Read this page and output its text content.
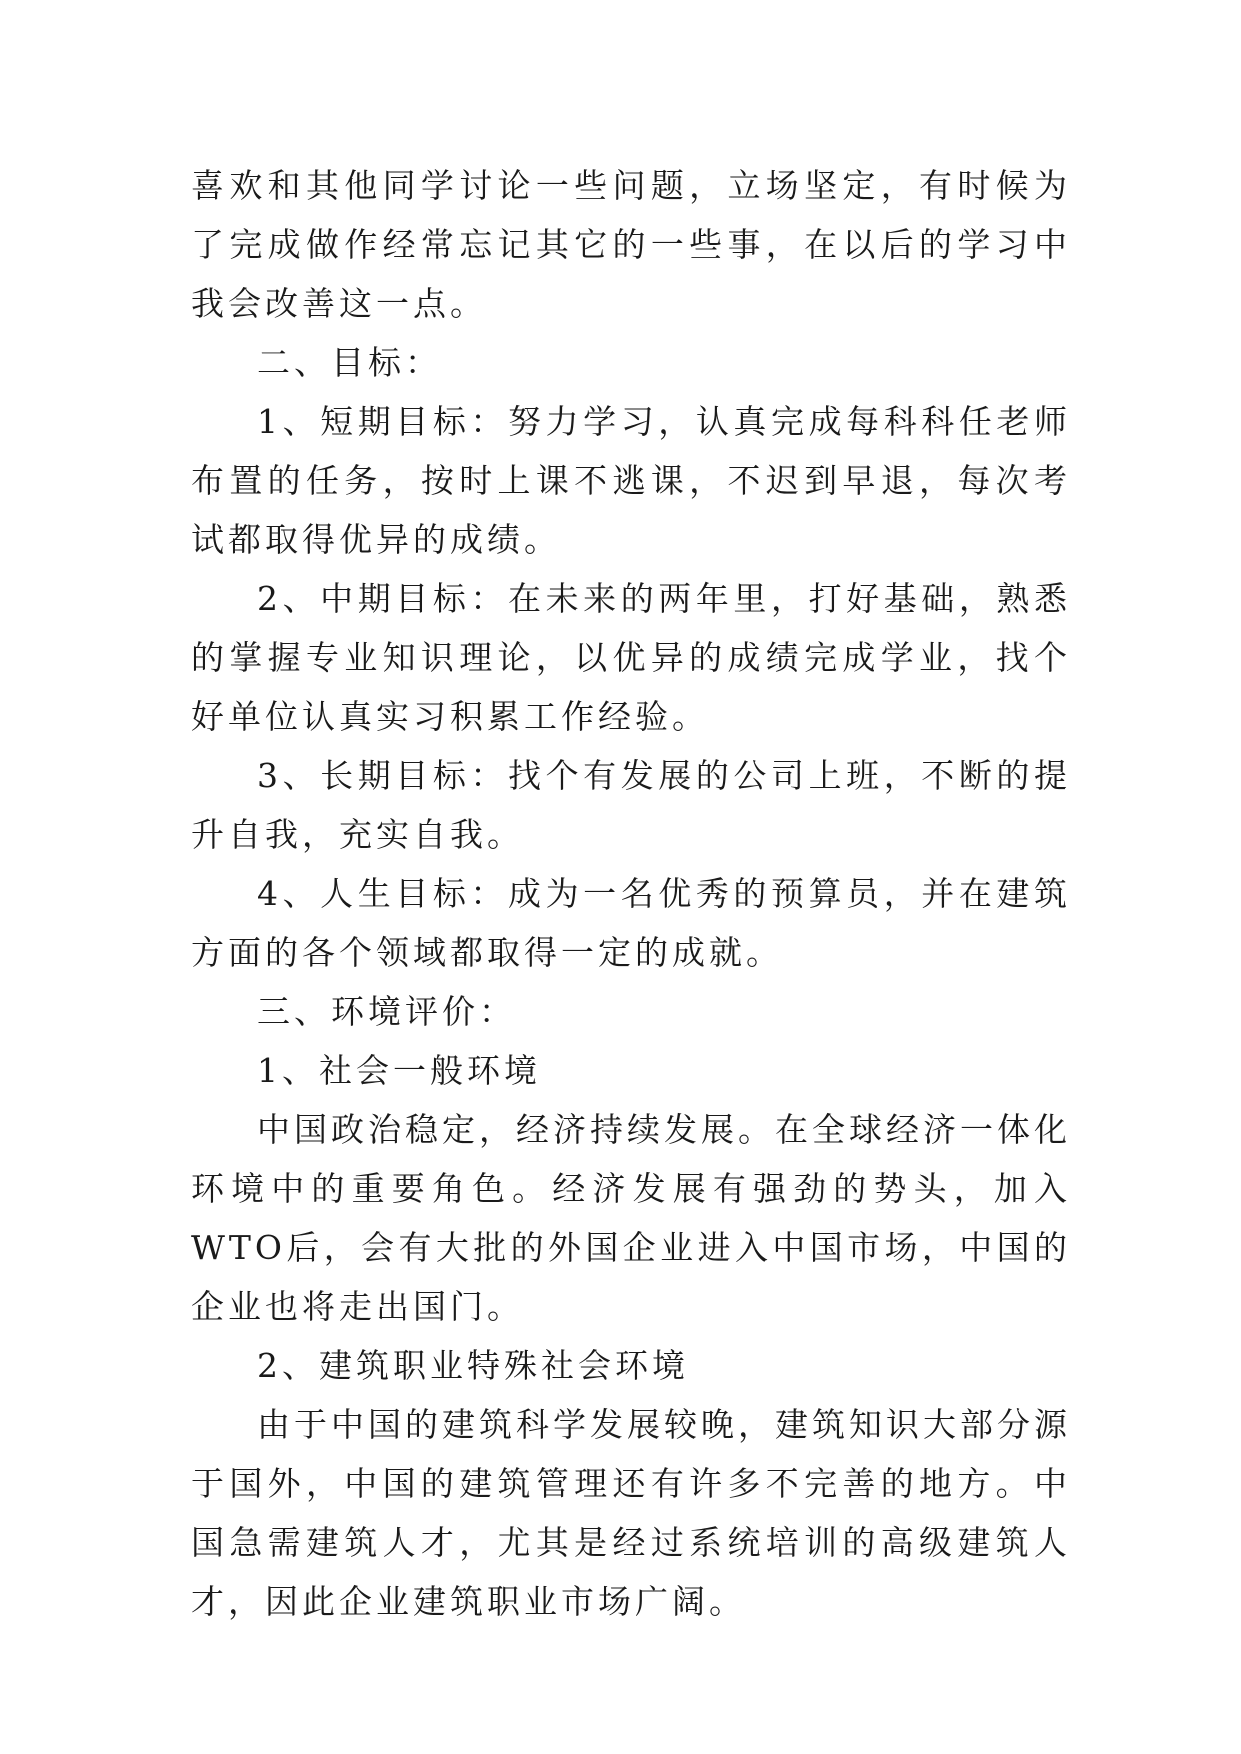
喜欢和其他同学讨论一些问题，立场坚定，有时候为了完成做作经常忘记其它的一些事，在以后的学习中我会改善这一点。

二、目标：

1、短期目标：努力学习，认真完成每科科任老师布置的任务，按时上课不逃课，不迟到早退，每次考试都取得优异的成绩。

2、中期目标：在未来的两年里，打好基础，熟悉的掌握专业知识理论，以优异的成绩完成学业，找个好单位认真实习积累工作经验。

3、长期目标：找个有发展的公司上班，不断的提升自我，充实自我。

4、人生目标：成为一名优秀的预算员，并在建筑方面的各个领域都取得一定的成就。

三、环境评价：

1、社会一般环境

中国政治稳定，经济持续发展。在全球经济一体化环境中的重要角色。经济发展有强劲的势头，加入WTO后，会有大批的外国企业进入中国市场，中国的企业也将走出国门。

2、建筑职业特殊社会环境

由于中国的建筑科学发展较晚，建筑知识大部分源于国外，中国的建筑管理还有许多不完善的地方。中国急需建筑人才，尤其是经过系统培训的高级建筑人才，因此企业建筑职业市场广阔。
